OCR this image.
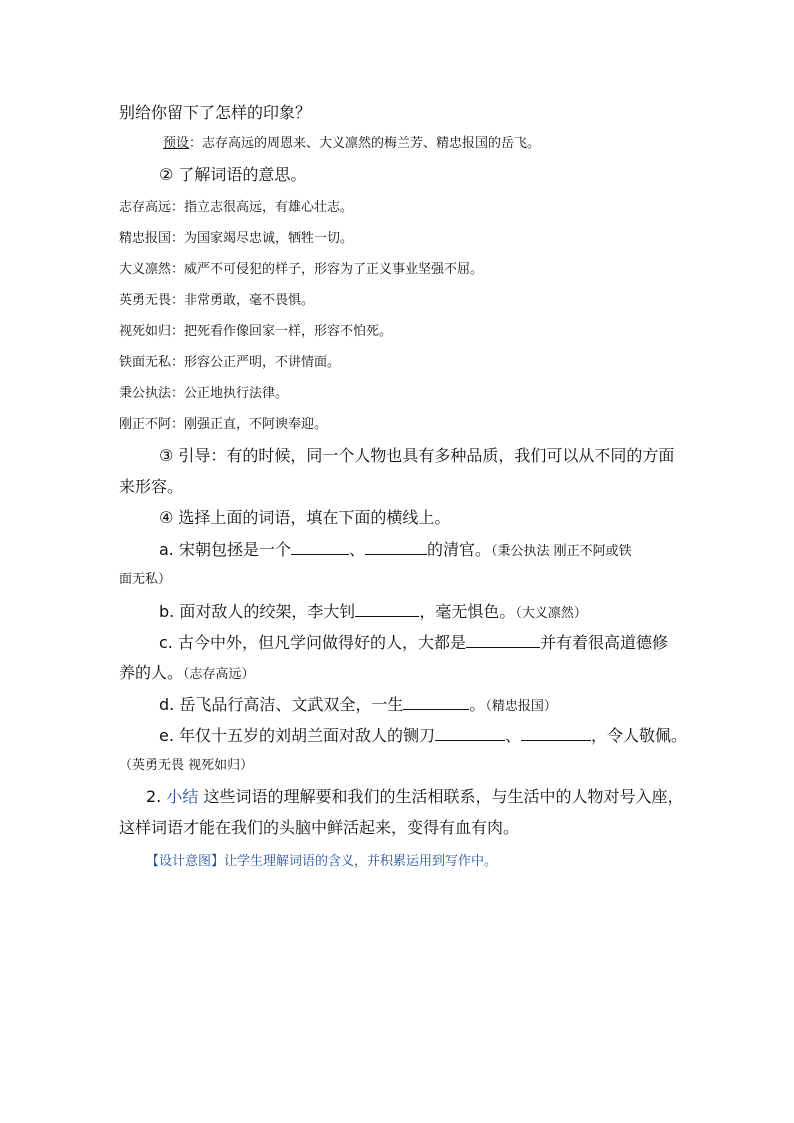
别给你留下了怎样的印象？
预设：志存高远的周恩来、大义凛然的梅兰芳、精忠报国的岳飞。
② 了解词语的意思。
志存高远：指立志很高远，有雄心壮志。
精忠报国：为国家竭尽忠诚，牺牲一切。
大义凛然：威严不可侵犯的样子，形容为了正义事业坚强不屈。
英勇无畏：非常勇敢，毫不畏惧。
视死如归：把死看作像回家一样，形容不怕死。
铁面无私：形容公正严明，不讲情面。
秉公执法：公正地执行法律。
刚正不阿：刚强正直，不阿谀奉迎。
③ 引导：有的时候，同一个人物也具有多种品质，我们可以从不同的方面
来形容。
④ 选择上面的词语，填在下面的横线上。
a. 宋朝包拯是一个	、	的清官。（秉公执法 刚正不阿或铁
面无私）
b. 面对敌人的绞架，李大钊	，毫无惧色。（大义凛然）
c. 古今中外，但凡学问做得好的人，大都是	并有着很高道德修
养的人。（志存高远）
d. 岳飞品行高洁、文武双全，一生	。（精忠报国）
e. 年仅十五岁的刘胡兰面对敌人的铡刀	、	，令人敬佩。
（英勇无畏 视死如归）
2. 小结 这些词语的理解要和我们的生活相联系，与生活中的人物对号入座，
这样词语才能在我们的头脑中鲜活起来，变得有血有肉。
【设计意图】让学生理解词语的含义，并积累运用到写作中。
